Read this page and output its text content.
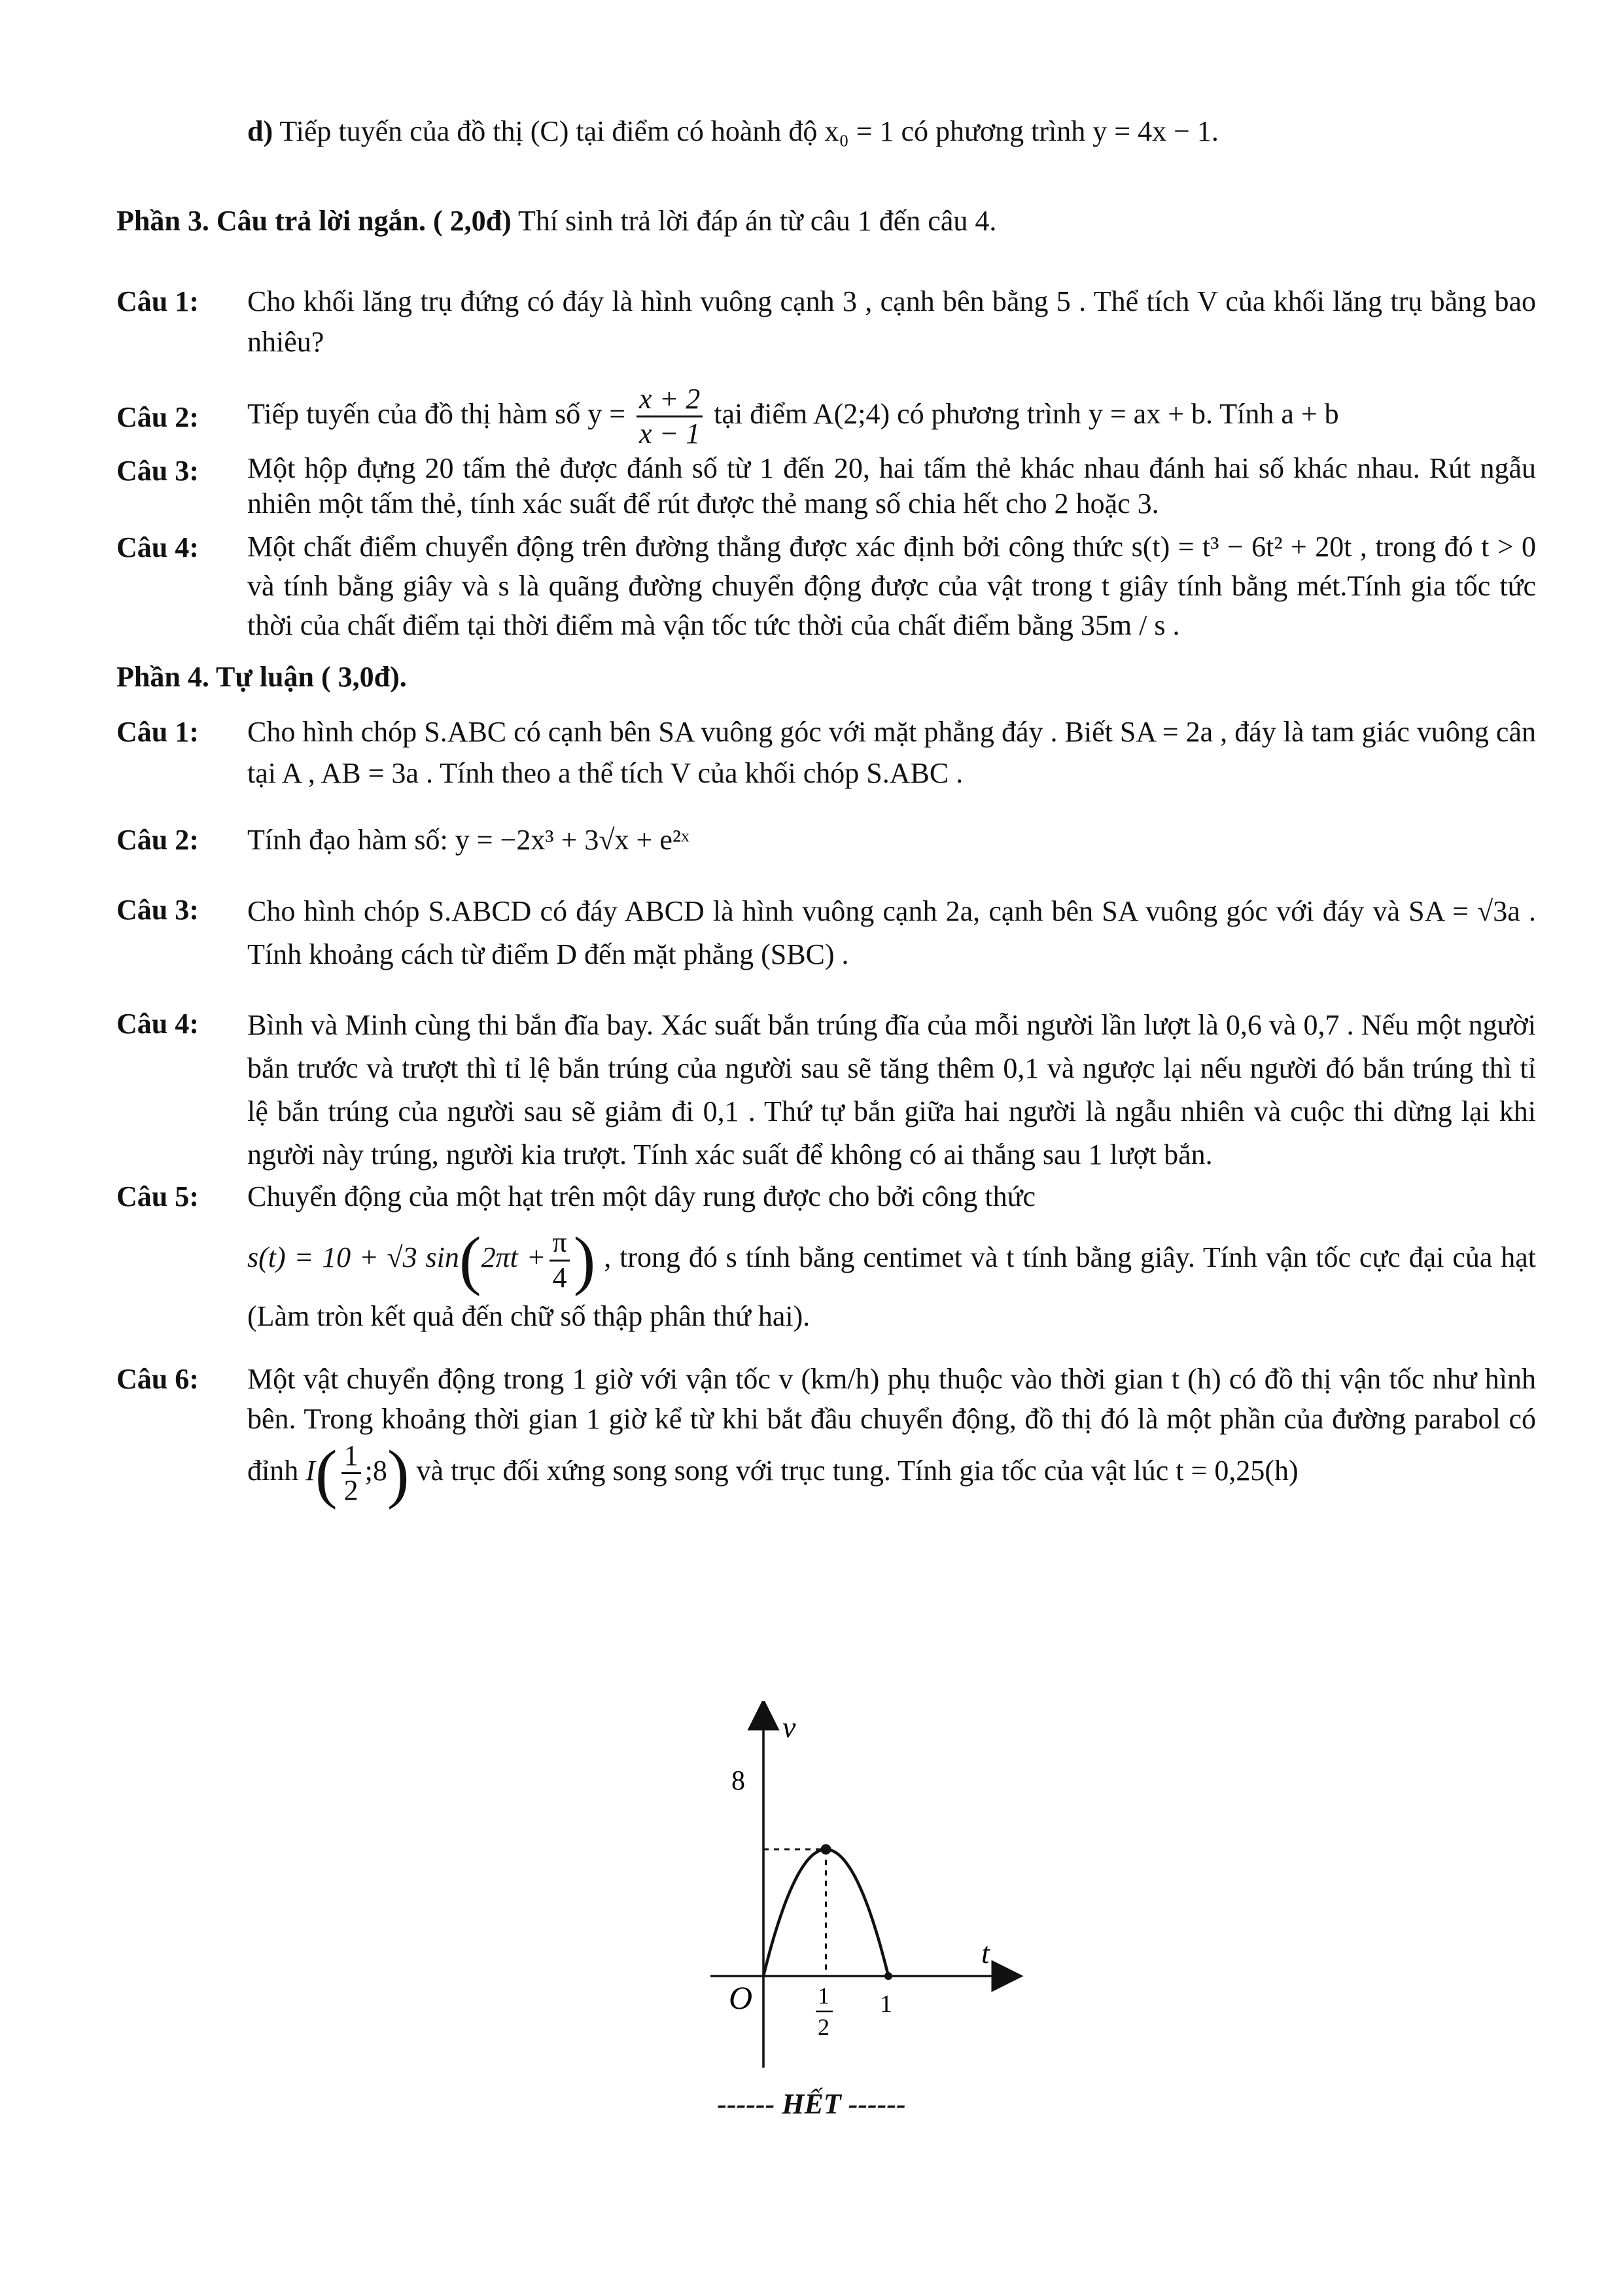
d) Tiếp tuyến của đồ thị (C) tại điểm có hoành độ x₀ = 1 có phương trình y = 4x − 1.
Phần 3. Câu trả lời ngắn. ( 2,0đ) Thí sinh trả lời đáp án từ câu 1 đến câu 4.
Câu 1:	Cho khối lăng trụ đứng có đáy là hình vuông cạnh 3 , cạnh bên bằng 5 . Thể tích V của khối lăng trụ bằng bao nhiêu?
Câu 2:	Tiếp tuyến của đồ thị hàm số $y = \frac{x + 2}{x - 1}$ tại điểm A(2;4) có phương trình y = ax + b. Tính a + b
Câu 3:	Một hộp đựng 20 tấm thẻ được đánh số từ 1 đến 20, hai tấm thẻ khác nhau đánh hai số khác nhau. Rút ngẫu nhiên một tấm thẻ, tính xác suất để rút được thẻ mang số chia hết cho 2 hoặc 3.
Câu 4:	Một chất điểm chuyển động trên đường thẳng được xác định bởi công thức s(t) = t³ − 6t² + 20t , trong đó t > 0 và tính bằng giây và s là quãng đường chuyển động được của vật trong t giây tính bằng mét.Tính gia tốc tức thời của chất điểm tại thời điểm mà vận tốc tức thời của chất điểm bằng 35m / s .
Phần 4. Tự luận ( 3,0đ).
Câu 1:	Cho hình chóp S.ABC có cạnh bên SA vuông góc với mặt phẳng đáy . Biết SA = 2a , đáy là tam giác vuông cân tại A , AB = 3a . Tính theo a thể tích V của khối chóp S.ABC .
Câu 2:	Tính đạo hàm số: y = −2x³ + 3√x + e²ˣ
Câu 3:	Cho hình chóp S.ABCD có đáy ABCD là hình vuông cạnh 2a, cạnh bên SA vuông góc với đáy và SA = √3a . Tính khoảng cách từ điểm D đến mặt phẳng (SBC) .
Câu 4:	Bình và Minh cùng thi bắn đĩa bay. Xác suất bắn trúng đĩa của mỗi người lần lượt là 0,6 và 0,7 . Nếu một người bắn trước và trượt thì tỉ lệ bắn trúng của người sau sẽ tăng thêm 0,1 và ngược lại nếu người đó bắn trúng thì tỉ lệ bắn trúng của người sau sẽ giảm đi 0,1 . Thứ tự bắn giữa hai người là ngẫu nhiên và cuộc thi dừng lại khi người này trúng, người kia trượt. Tính xác suất để không có ai thắng sau 1 lượt bắn.
Câu 5:	Chuyển động của một hạt trên một dây rung được cho bởi công thức
s(t) = 10 + √3 $\sin(2\pi t + \frac{\pi}{4}$ ) , trong đó s tính bằng centimet và t tính bằng giây. Tính vận tốc cực đại của hạt (Làm tròn kết quả đến chữ số thập phân thứ hai).
Câu 6:	Một vật chuyển động trong 1 giờ với vận tốc v (km/h) phụ thuộc vào thời gian t (h) có đồ thị vận tốc như hình bên. Trong khoảng thời gian 1 giờ kể từ khi bắt đầu chuyển động, đồ thị đó là một phần của đường parabol có đỉnh $I( \frac{1}{2}$ ;8) và trục đối xứng song song với trục tung. Tính gia tốc của vật lúc t = 0,25(h)
v
t
O
8
1
2
1
------ HẾT ------
